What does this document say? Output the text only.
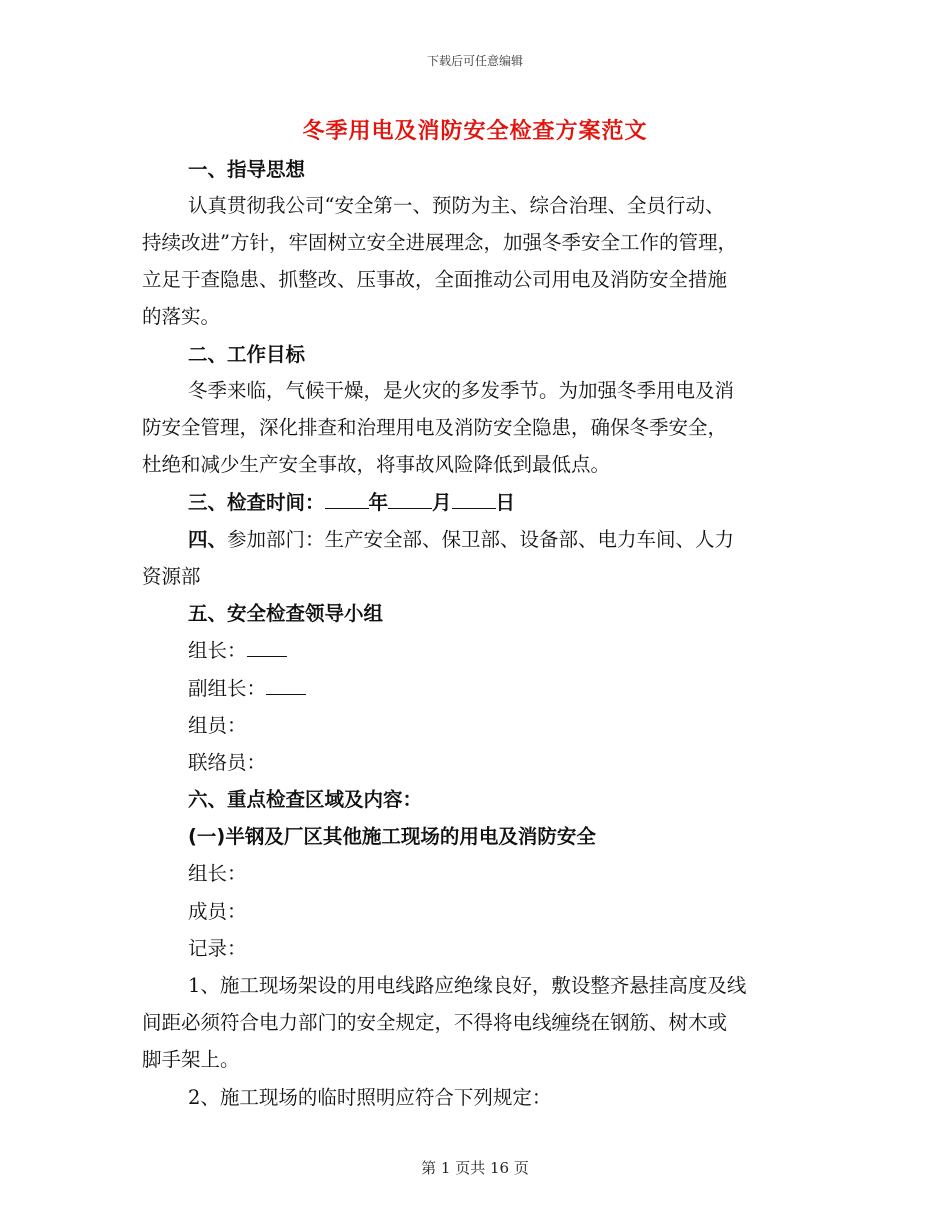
下载后可任意编辑
冬季用电及消防安全检查方案范文
一、指导思想
认真贯彻我公司“安全第一、预防为主、综合治理、全员行动、
持续改进”方针，牢固树立安全进展理念，加强冬季安全工作的管理，
立足于查隐患、抓整改、压事故，全面推动公司用电及消防安全措施
的落实。
二、工作目标
冬季来临，气候干燥，是火灾的多发季节。为加强冬季用电及消
防安全管理，深化排查和治理用电及消防安全隐患，确保冬季安全，
杜绝和减少生产安全事故，将事故风险降低到最低点。
三、检查时间： 年 月 日
四、参加部门：生产安全部、保卫部、设备部、电力车间、人力
资源部
五、安全检查领导小组
组长：
副组长：
组员：
联络员：
六、重点检查区域及内容：
(一)半钢及厂区其他施工现场的用电及消防安全
组长：
成员：
记录：
1、施工现场架设的用电线路应绝缘良好，敷设整齐悬挂高度及线
间距必须符合电力部门的安全规定，不得将电线缠绕在钢筋、树木或
脚手架上。
2、施工现场的临时照明应符合下列规定：
第 1 页共 16 页
